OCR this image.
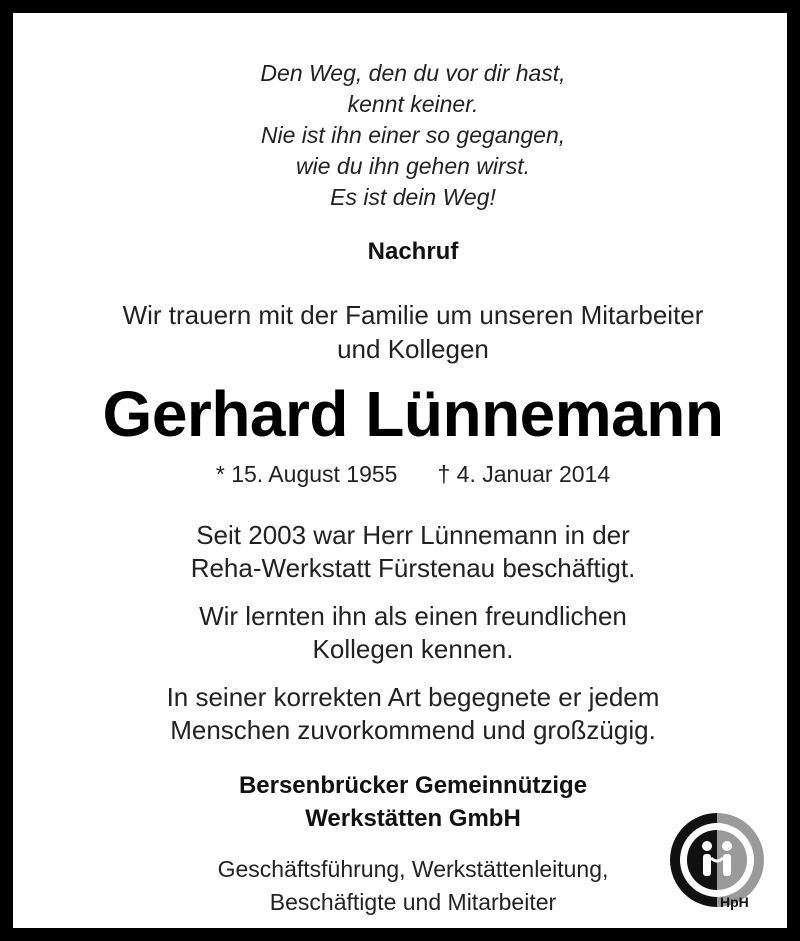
Den Weg, den du vor dir hast,
kennt keiner.
Nie ist ihn einer so gegangen,
wie du ihn gehen wirst.
Es ist dein Weg!
Nachruf
Wir trauern mit der Familie um unseren Mitarbeiter
und Kollegen
Gerhard Lünnemann
* 15. August 1955 † 4. Januar 2014
Seit 2003 war Herr Lünnemann in der
Reha-Werkstatt Fürstenau beschäftigt.
Wir lernten ihn als einen freundlichen
Kollegen kennen.
In seiner korrekten Art begegnete er jedem
Menschen zuvorkommend und großzügig.
Bersenbrücker Gemeinnützige
Werkstätten GmbH
Geschäftsführung, Werkstättenleitung,
Beschäftigte und Mitarbeiter	HpH
